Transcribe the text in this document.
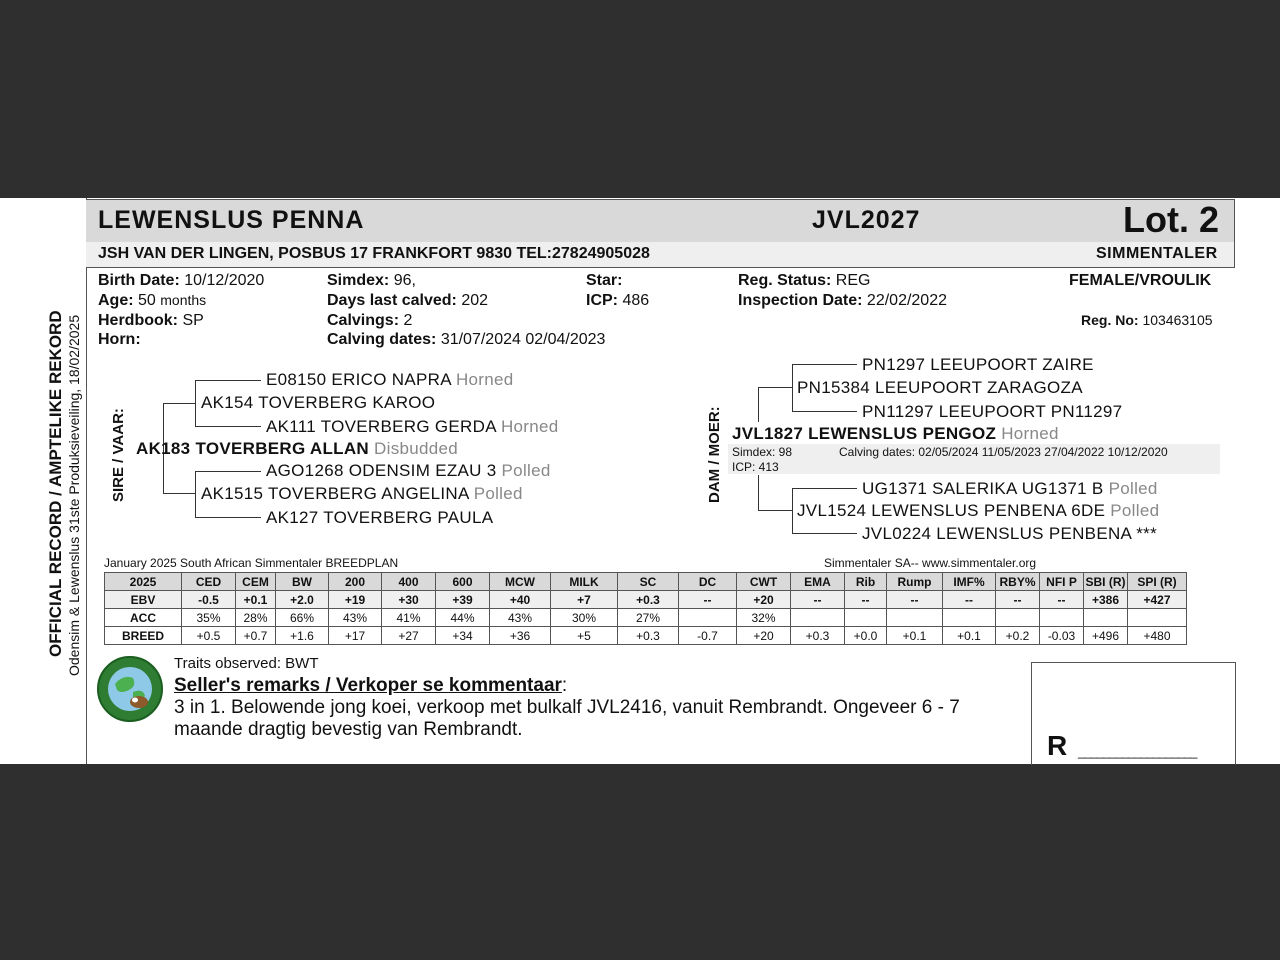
OFFICIAL RECORD / AMPTELIKE REKORD Odensim & Lewenslus 31ste Produksieveiling, 18/02/2025
LEWENSLUS PENNA	JVL2027	Lot. 2
JSH VAN DER LINGEN, POSBUS 17 FRANKFORT 9830 TEL:27824905028	SIMMENTALER
Birth Date: 10/12/2020
Age: 50 months
Herdbook: SP
Horn:
Simdex: 96,
Days last calved: 202
Calvings: 2
Calving dates: 31/07/2024 02/04/2023
Star:
ICP: 486
Reg. Status: REG
Inspection Date: 22/02/2022
FEMALE/VROULIK
Reg. No: 103463105
SIRE / VAAR:
E08150 ERICO NAPRA Horned
AK154 TOVERBERG KAROO
AK111 TOVERBERG GERDA Horned
AK183 TOVERBERG ALLAN Disbudded
AGO1268 ODENSIM EZAU 3 Polled
AK1515 TOVERBERG ANGELINA Polled
AK127 TOVERBERG PAULA
DAM / MOER:
PN1297 LEEUPOORT ZAIRE
PN15384 LEEUPOORT ZARAGOZA
PN11297 LEEUPOORT PN11297
JVL1827 LEWENSLUS PENGOZ Horned
Simdex: 98
ICP: 413
Calving dates: 02/05/2024 11/05/2023 27/04/2022 10/12/2020
UG1371 SALERIKA UG1371 B Polled
JVL1524 LEWENSLUS PENBENA 6DE Polled
JVL0224 LEWENSLUS PENBENA ***
January 2025 South African Simmentaler BREEDPLAN	Simmentaler SA-- www.simmentaler.org
2025	CED	CEM	BW	200	400	600	MCW	MILK	SC	DC	CWT	EMA	Rib	Rump	IMF%	RBY%	NFI P	SBI (R)	SPI (R)
EBV	-0.5	+0.1	+2.0	+19	+30	+39	+40	+7	+0.3	--	+20	--	--	--	--	--	--	+386	+427
ACC	35%	28%	66%	43%	41%	44%	43%	30%	27%		32%								
BREED	+0.5	+0.7	+1.6	+17	+27	+34	+36	+5	+0.3	-0.7	+20	+0.3	+0.0	+0.1	+0.1	+0.2	-0.03	+496	+480
Traits observed: BWT
Seller's remarks / Verkoper se kommentaar:
3 in 1. Belowende jong koei, verkoop met bulkalf JVL2416, vanuit Rembrandt. Ongeveer 6 - 7
maande dragtig bevestig van Rembrandt.
R ___________________
